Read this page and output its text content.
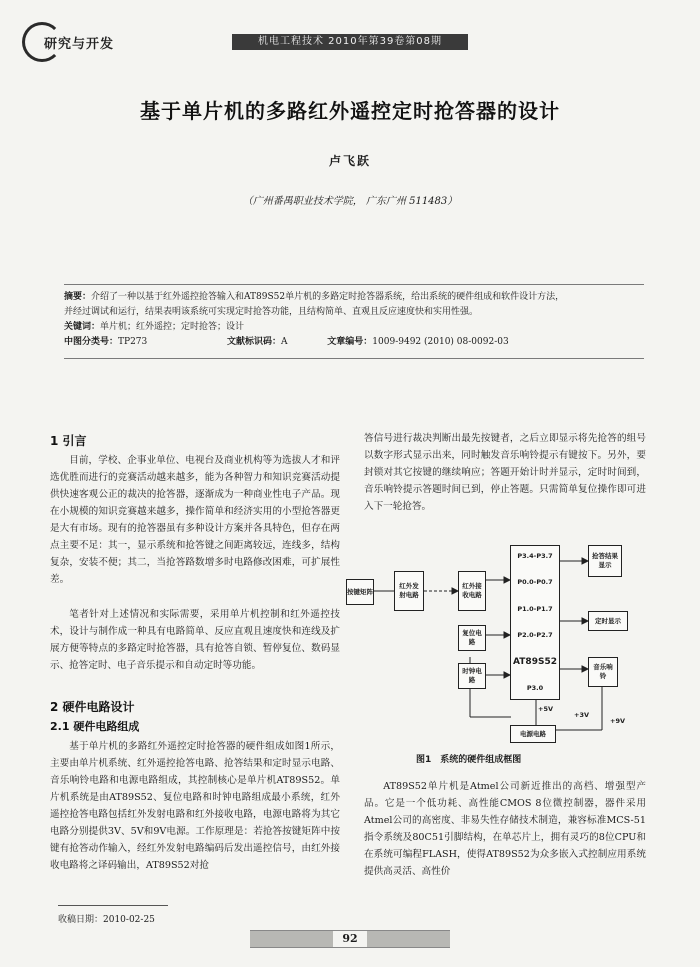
研究与开发	机电工程技术 2010年第39卷第08期
基于单片机的多路红外遥控定时抢答器的设计
卢飞跃
（广州番禺职业技术学院， 广东广州 511483）
摘要：介绍了一种以基于红外遥控抢答输入和AT89S52单片机的多路定时抢答器系统，给出系统的硬件组成和软件设计方法，
并经过调试和运行，结果表明该系统可实现定时抢答功能，且结构简单、直观且反应速度快和实用性强。
关键词：单片机；红外遥控；定时抢答；设计
中图分类号：TP273	文献标识码：A	文章编号：1009-9492 (2010) 08-0092-03
1 引言
目前，学校、企事业单位、电视台及商业机构等为选拔人才和评选优胜而进行的竞赛活动越来越多，能为各种智力和知识竞赛活动提供快速客观公正的裁决的抢答器，逐渐成为一种商业性电子产品。现在小规模的知识竞赛越来越多，操作简单和经济实用的小型抢答器更是大有市场。现有的抢答器虽有多种设计方案并各具特色，但存在两点主要不足：其一，显示系统和抢答键之间距离较远，连线多，结构复杂，安装不便；其二，当抢答路数增多时电路修改困难，可扩展性差。
笔者针对上述情况和实际需要，采用单片机控制和红外遥控技术，设计与制作成一种具有电路简单、反应直观且速度快和连线及扩展方便等特点的多路定时抢答器，具有抢答自锁、暂停复位、数码显示、抢答定时、电子音乐提示和自动定时等功能。
2 硬件电路设计
2.1 硬件电路组成
基于单片机的多路红外遥控定时抢答器的硬件组成如图1所示，主要由单片机系统、红外遥控抢答电路、抢答结果和定时显示电路、音乐响铃电路和电源电路组成，其控制核心是单片机AT89S52。单片机系统是由AT89S52、复位电路和时钟电路组成最小系统，红外遥控抢答电路包括红外发射电路和红外接收电路，电源电路将为其它电路分别提供3V、5V和9V电源。工作原理是：若抢答按键矩阵中按键有抢答动作输入，经红外发射电路编码后发出遥控信号，由红外接收电路将之译码输出，AT89S52对抢
答信号进行裁决判断出最先按键者，之后立即显示将先抢答的组号以数字形式显示出来，同时触发音乐响铃提示有键按下。另外，要封锁对其它按键的继续响应；答题开始计时并显示，定时时间到，音乐响铃提示答题时间已到，停止答题。只需简单复位操作即可进入下一轮抢答。
按键矩阵
红外发射电路
红外接收电路
复位电路
时钟电路
P3.4-P3.7
P0.0-P0.7
P1.0-P1.7
P2.0-P2.7
AT89S52
P3.0
抢答结果显示
定时显示
音乐响铃
电源电路
+5V
+3V
+9V
图1　系统的硬件组成框图
AT89S52单片机是Atmel公司新近推出的高档、增强型产品。它是一个低功耗、高性能CMOS 8位微控制器，器件采用Atmel公司的高密度、非易失性存储技术制造，兼容标准MCS-51指令系统及80C51引脚结构，在单芯片上，拥有灵巧的8位CPU和在系统可编程FLASH，使得AT89S52为众多嵌入式控制应用系统提供高灵活、高性价
收稿日期：2010-02-25
92
